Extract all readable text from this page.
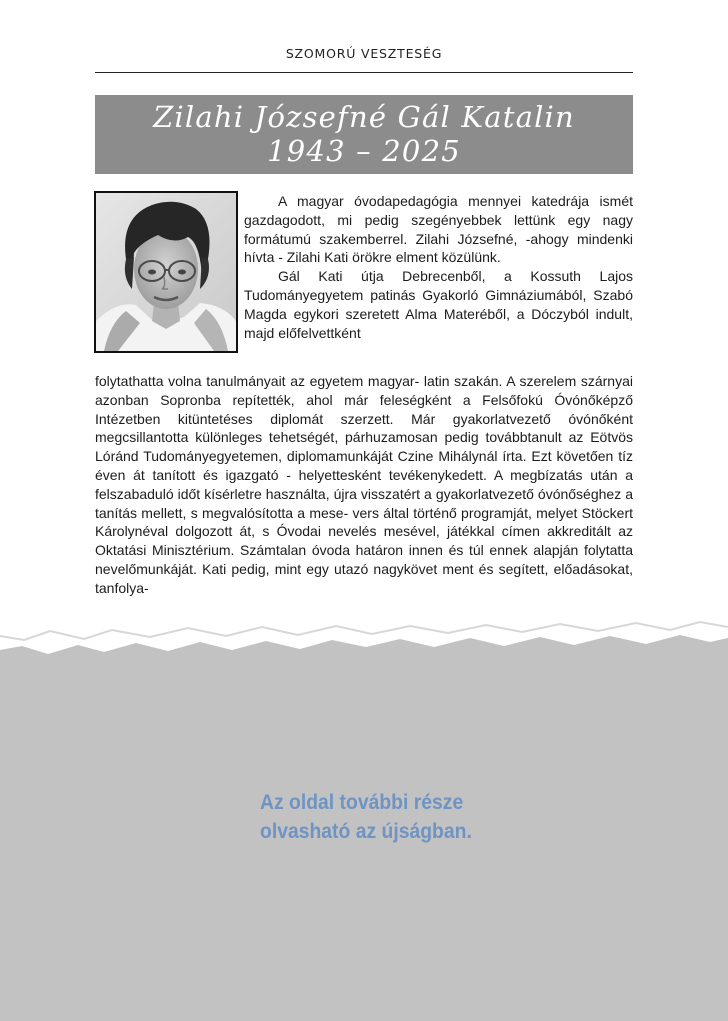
SZOMORÚ VESZTESÉG
Zilahi Józsefné Gál Katalin
1943 – 2025

A magyar óvodapedagógia mennyei katedrája ismét gazdagodott, mi pedig szegényebbek lettünk egy nagy formátumú szakemberrel. Zilahi Józsefné, -ahogy mindenki hívta - Zilahi Kati örökre elment közülünk.

Gál Kati útja Debrecenből, a Kossuth Lajos Tudományegyetem patinás Gyakorló Gimnáziumából, Szabó Magda egykori szeretett Alma Materéből, a Dóczyból indult, majd előfelvettként

folytathatta volna tanulmányait az egyetem magyar- latin szakán. A szerelem szárnyai azonban Sopronba repítették, ahol már feleségként a Felsőfokú Óvónőképző Intézetben kitüntetéses diplomát szerzett. Már gyakorlatvezető óvónőként megcsillantotta különleges tehetségét, párhuzamosan pedig továbbtanult az Eötvös Lóránd Tudományegyetemen, diplomamunkáját Czine Mihálynál írta. Ezt követően tíz éven át tanított és igazgató - helyettesként tevékenykedett. A megbízatás után a felszabaduló időt kísérletre használta, újra visszatért a gyakorlatvezető óvónőséghez a tanítás mellett, s megvalósította a mese- vers által történő programját, melyet Stöckert Károlynéval dolgozott át, s Óvodai nevelés mesével, játékkal címen akkreditált az Oktatási Minisztérium. Számtalan óvoda határon innen és túl ennek alapján folytatta nevelőmunkáját. Kati pedig, mint egy utazó nagykövet ment és segített, előadásokat, tanfolya-

Az oldal további része
olvasható az újságban.
